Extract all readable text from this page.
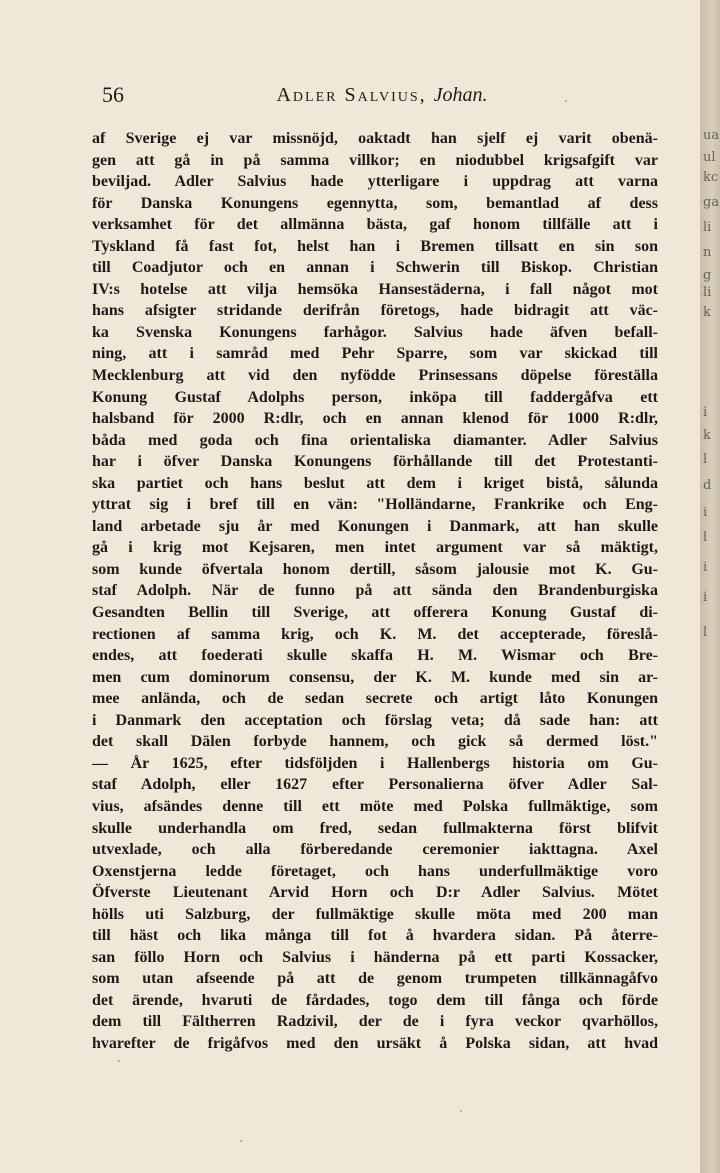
56	Adler Salvius, Johan.
af Sverige ej var missnöjd, oaktadt han sjelf ej varit obenä-
gen att gå in på samma villkor; en niodubbel krigsafgift var
beviljad. Adler Salvius hade ytterligare i uppdrag att varna
för Danska Konungens egennytta, som, bemantlad af dess
verksamhet för det allmänna bästa, gaf honom tillfälle att i
Tyskland få fast fot, helst han i Bremen tillsatt en sin son
till Coadjutor och en annan i Schwerin till Biskop. Christian
IV:s hotelse att vilja hemsöka Hansestäderna, i fall något mot
hans afsigter stridande derifrån företogs, hade bidragit att väc-
ka Svenska Konungens farhågor. Salvius hade äfven befall-
ning, att i samråd med Pehr Sparre, som var skickad till
Mecklenburg att vid den nyfödde Prinsessans döpelse föreställa
Konung Gustaf Adolphs person, inköpa till faddergåfva ett
halsband för 2000 R:dlr, och en annan klenod för 1000 R:dlr,
båda med goda och fina orientaliska diamanter. Adler Salvius
har i öfver Danska Konungens förhållande till det Protestanti-
ska partiet och hans beslut att dem i kriget bistå, sålunda
yttrat sig i bref till en vän: "Holländarne, Frankrike och Eng-
land arbetade sju år med Konungen i Danmark, att han skulle
gå i krig mot Kejsaren, men intet argument var så mäktigt,
som kunde öfvertala honom dertill, såsom jalousie mot K. Gu-
staf Adolph. När de funno på att sända den Brandenburgiska
Gesandten Bellin till Sverige, att offerera Konung Gustaf di-
rectionen af samma krig, och K. M. det accepterade, föreslå-
endes, att foederati skulle skaffa H. M. Wismar och Bre-
men cum dominorum consensu, der K. M. kunde med sin ar-
mee anlända, och de sedan secrete och artigt låto Konungen
i Danmark den acceptation och förslag veta; då sade han: att
det skall Dälen forbyde hannem, och gick så dermed löst."
— År 1625, efter tidsföljden i Hallenbergs historia om Gu-
staf Adolph, eller 1627 efter Personalierna öfver Adler Sal-
vius, afsändes denne till ett möte med Polska fullmäktige, som
skulle underhandla om fred, sedan fullmakterna först blifvit
utvexlade, och alla förberedande ceremonier iakttagna. Axel
Oxenstjerna ledde företaget, och hans underfullmäktige voro
Öfverste Lieutenant Arvid Horn och D:r Adler Salvius. Mötet
hölls uti Salzburg, der fullmäktige skulle möta med 200 man
till häst och lika många till fot å hvardera sidan. På återre-
san föllo Horn och Salvius i händerna på ett parti Kossacker,
som utan afseende på att de genom trumpeten tillkännagåfvo
det ärende, hvaruti de fårdades, togo dem till fånga och förde
dem till Fältherren Radzivil, der de i fyra veckor qvarhöllos,
hvarefter de frigåfvos med den ursäkt å Polska sidan, att hvad
ua
ul
kc
ga
li
n
g
li
k
i
k
l
d
i
l
i
i
l
